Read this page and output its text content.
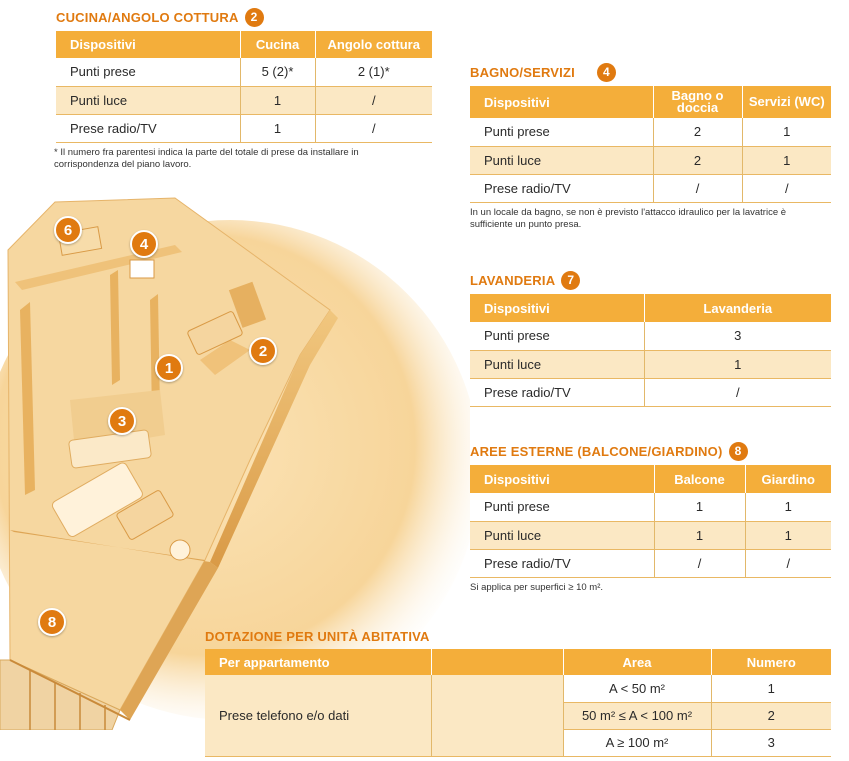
CUCINA/ANGOLO COTTURA	2
Dispositivi	Cucina	Angolo cottura
Punti prese	5 (2)*	2 (1)*
Punti luce	1	/
Prese radio/TV	1	/
* Il numero fra parentesi indica la parte del totale di prese da installare in corrispondenza del piano lavoro.
BAGNO/SERVIZI	4
Dispositivi	Bagno o doccia	Servizi (WC)
Punti prese	2	1
Punti luce	2	1
Prese radio/TV	/	/
In un locale da bagno, se non è previsto l'attacco idraulico per la lavatrice è sufficiente un punto presa.
LAVANDERIA	7
Dispositivi	Lavanderia
Punti prese	3
Punti luce	1
Prese radio/TV	/
AREE ESTERNE (BALCONE/GIARDINO)	8
Dispositivi	Balcone	Giardino
Punti prese	1	1
Punti luce	1	1
Prese radio/TV	/	/
Si applica per superfici ≥ 10 m².
6
4
2
1
3
8
DOTAZIONE PER UNITÀ ABITATIVA
Per appartamento		Area	Numero
Prese telefono e/o dati		A < 50 m²	1
		50 m² ≤ A < 100 m²	2
		A ≥ 100 m²	3
